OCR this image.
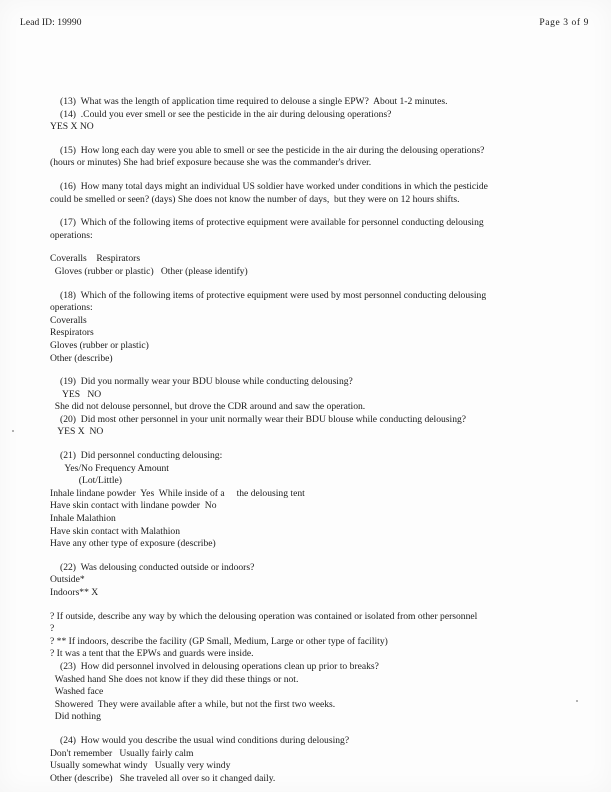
Lead ID: 19990	Page 3 of 9

(13)  What was the length of application time required to delouse a single EPW?  About 1-2 minutes.

(14)  .Could you ever smell or see the pesticide in the air during delousing operations?

YES X NO

(15)  How long each day were you able to smell or see the pesticide in the air during the delousing operations?

(hours or minutes) She had brief exposure because she was the commander's driver.

(16)  How many total days might an individual US soldier have worked under conditions in which the pesticide

could be smelled or seen? (days) She does not know the number of days,  but they were on 12 hours shifts.

(17)  Which of the following items of protective equipment were available for personnel conducting delousing

operations:

Coveralls    Respirators

Gloves (rubber or plastic)   Other (please identify)

(18)  Which of the following items of protective equipment were used by most personnel conducting delousing

operations:

Coveralls

Respirators

Gloves (rubber or plastic)

Other (describe)

(19)  Did you normally wear your BDU blouse while conducting delousing?

YES   NO

She did not delouse personnel, but drove the CDR around and saw the operation.

(20)  Did most other personnel in your unit normally wear their BDU blouse while conducting delousing?

YES X  NO

(21)  Did personnel conducting delousing:

Yes/No Frequency Amount

(Lot/Little)

Inhale lindane powder  Yes  While inside of a     the delousing tent

Have skin contact with lindane powder  No

Inhale Malathion

Have skin contact with Malathion

Have any other type of exposure (describe)

(22)  Was delousing conducted outside or indoors?

Outside*

Indoors** X

? If outside, describe any way by which the delousing operation was contained or isolated from other personnel

?

? ** If indoors, describe the facility (GP Small, Medium, Large or other type of facility)

? It was a tent that the EPWs and guards were inside.

(23)  How did personnel involved in delousing operations clean up prior to breaks?

Washed hand She does not know if they did these things or not.

Washed face

Showered  They were available after a while, but not the first two weeks.

Did nothing

(24)  How would you describe the usual wind conditions during delousing?

Don't remember   Usually fairly calm

Usually somewhat windy   Usually very windy

Other (describe)   She traveled all over so it changed daily.
